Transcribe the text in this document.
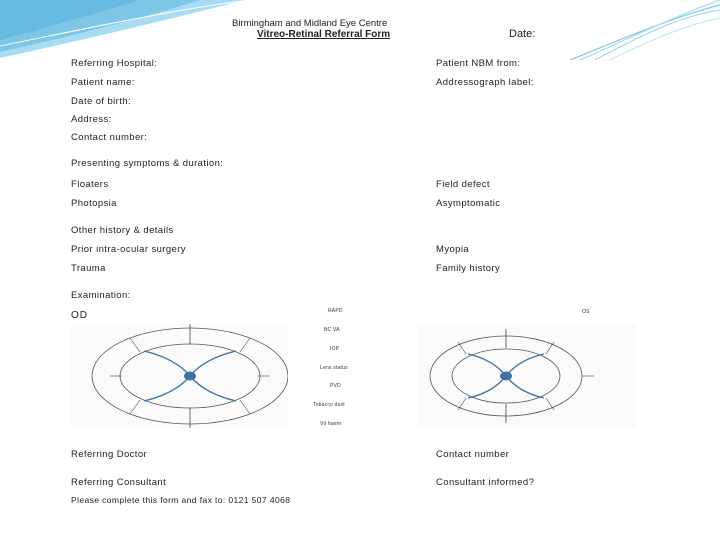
Birmingham and Midland Eye Centre
Vitreo-Retinal Referral Form	Date:
Referring Hospital:	Patient NBM from:
Patient name:	Addressograph label:
Date of birth:
Address:
Contact number:
Presenting symptoms & duration:
Floaters	Field defect
Photopsia	Asymptomatic
Other history & details
Prior intra-ocular surgery	Myopia
Trauma	Family history
Examination:
OD	OS
RAPD
BC VA
IOP
Lens status
PVD
Tobacco dust
Vit haem
Referring Doctor	Contact number
Referring Consultant	Consultant informed?
Please complete this form and fax to: 0121 507 4068
